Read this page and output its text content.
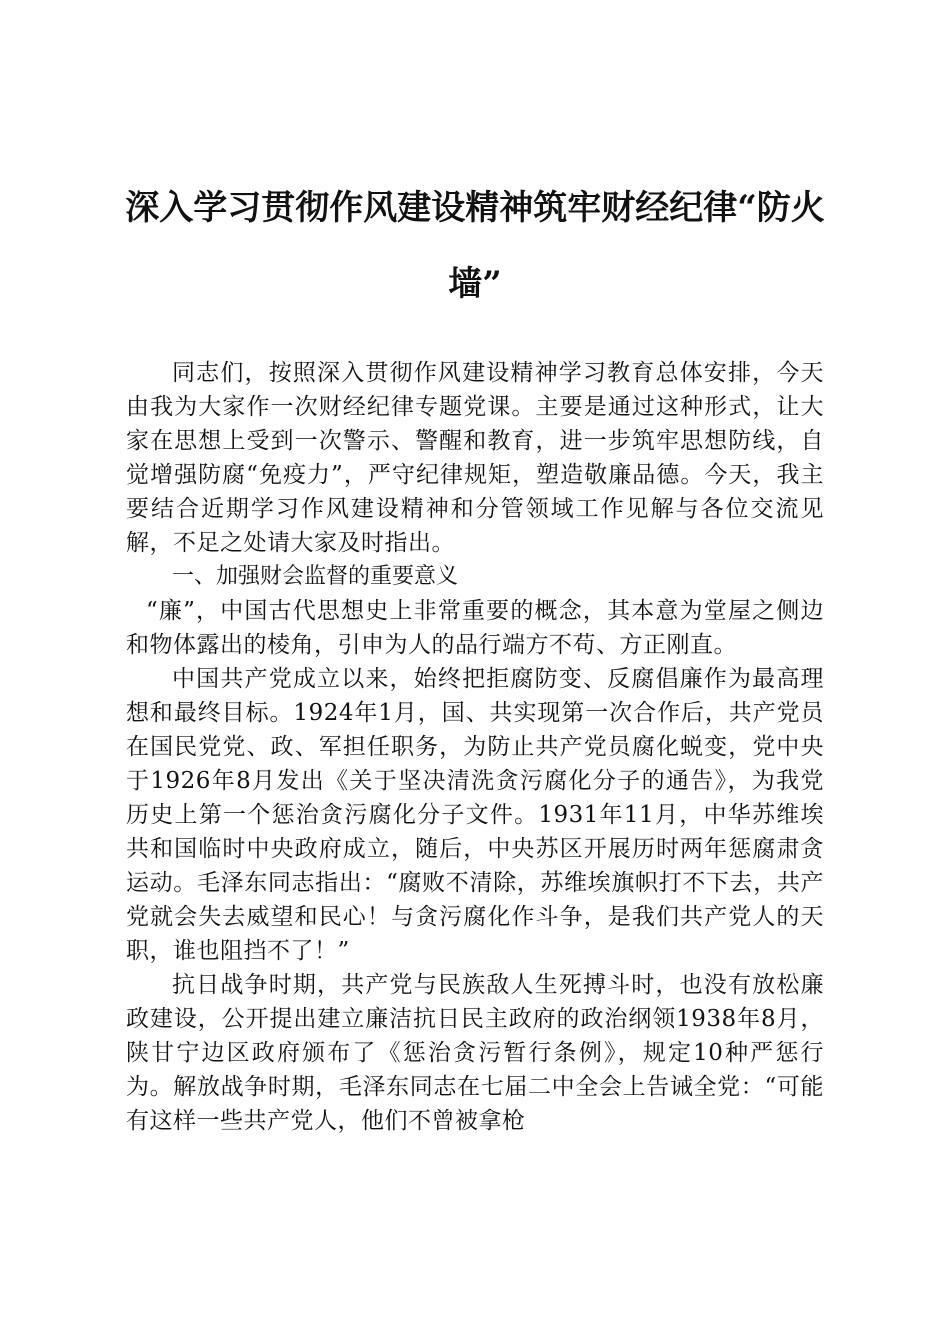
深入学习贯彻作风建设精神筑牢财经纪律“防火墙”

同志们，按照深入贯彻作风建设精神学习教育总体安排，今天由我为大家作一次财经纪律专题党课。主要是通过这种形式，让大家在思想上受到一次警示、警醒和教育，进一步筑牢思想防线，自觉增强防腐“免疫力”，严守纪律规矩，塑造敬廉品德。今天，我主要结合近期学习作风建设精神和分管领域工作见解与各位交流见解，不足之处请大家及时指出。

一、加强财会监督的重要意义

“廉”，中国古代思想史上非常重要的概念，其本意为堂屋之侧边和物体露出的棱角，引申为人的品行端方不苟、方正刚直。

中国共产党成立以来，始终把拒腐防变、反腐倡廉作为最高理想和最终目标。1924年1月，国、共实现第一次合作后，共产党员在国民党党、政、军担任职务，为防止共产党员腐化蜕变，党中央于1926年8月发出《关于坚决清洗贪污腐化分子的通告》，为我党历史上第一个惩治贪污腐化分子文件。1931年11月，中华苏维埃共和国临时中央政府成立，随后，中央苏区开展历时两年惩腐肃贪运动。毛泽东同志指出：“腐败不清除，苏维埃旗帜打不下去，共产党就会失去威望和民心！与贪污腐化作斗争，是我们共产党人的天职，谁也阻挡不了！”

抗日战争时期，共产党与民族敌人生死搏斗时，也没有放松廉政建设，公开提出建立廉洁抗日民主政府的政治纲领1938年8月，陕甘宁边区政府颁布了《惩治贪污暂行条例》，规定10种严惩行为。解放战争时期，毛泽东同志在七届二中全会上告诫全党：“可能有这样一些共产党人，他们不曾被拿枪
